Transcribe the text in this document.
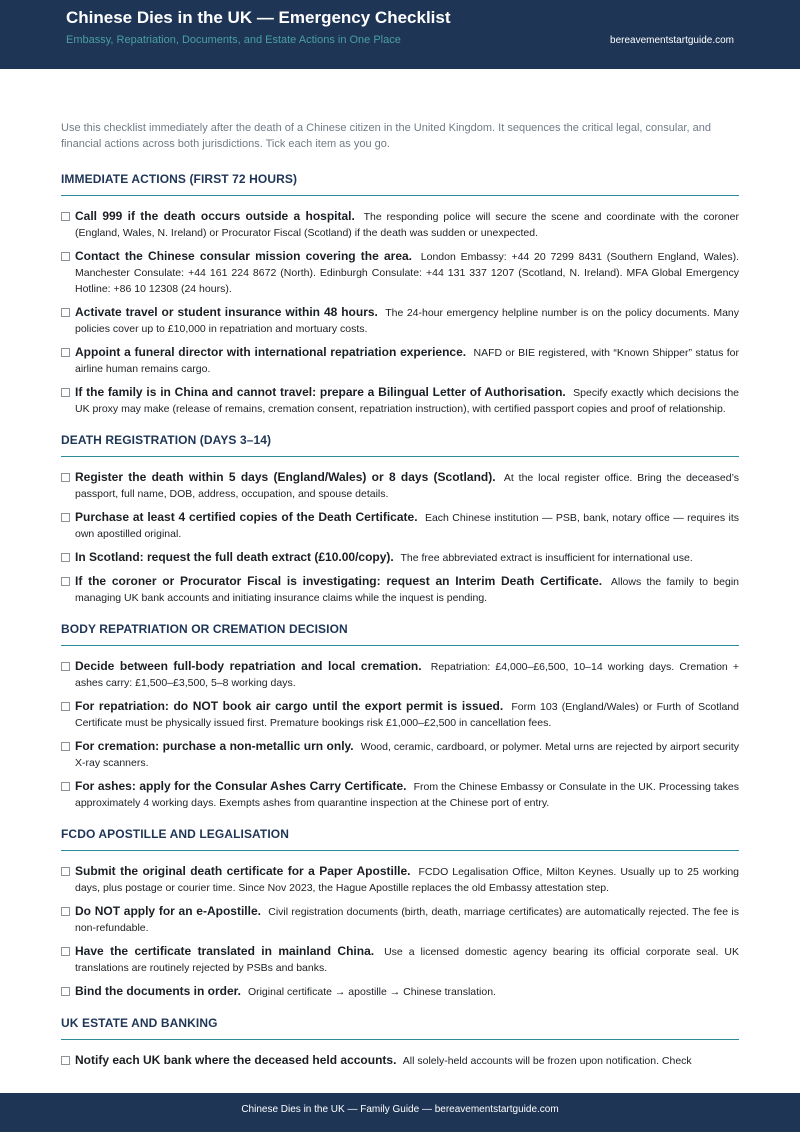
Chinese Dies in the UK — Emergency Checklist
Embassy, Repatriation, Documents, and Estate Actions in One Place	bereavementstartguide.com

Use this checklist immediately after the death of a Chinese citizen in the United Kingdom. It sequences the critical legal, consular, and financial actions across both jurisdictions. Tick each item as you go.

IMMEDIATE ACTIONS (FIRST 72 HOURS)
Call 999 if the death occurs outside a hospital. The responding police will secure the scene and coordinate with the coroner (England, Wales, N. Ireland) or Procurator Fiscal (Scotland) if the death was sudden or unexpected.
Contact the Chinese consular mission covering the area. London Embassy: +44 20 7299 8431 (Southern England, Wales). Manchester Consulate: +44 161 224 8672 (North). Edinburgh Consulate: +44 131 337 1207 (Scotland, N. Ireland). MFA Global Emergency Hotline: +86 10 12308 (24 hours).
Activate travel or student insurance within 48 hours. The 24-hour emergency helpline number is on the policy documents. Many policies cover up to £10,000 in repatriation and mortuary costs.
Appoint a funeral director with international repatriation experience. NAFD or BIE registered, with “Known Shipper” status for airline human remains cargo.
If the family is in China and cannot travel: prepare a Bilingual Letter of Authorisation. Specify exactly which decisions the UK proxy may make (release of remains, cremation consent, repatriation instruction), with certified passport copies and proof of relationship.
DEATH REGISTRATION (DAYS 3–14)
Register the death within 5 days (England/Wales) or 8 days (Scotland). At the local register office. Bring the deceased’s passport, full name, DOB, address, occupation, and spouse details.
Purchase at least 4 certified copies of the Death Certificate. Each Chinese institution — PSB, bank, notary office — requires its own apostilled original.
In Scotland: request the full death extract (£10.00/copy). The free abbreviated extract is insufficient for international use.
If the coroner or Procurator Fiscal is investigating: request an Interim Death Certificate. Allows the family to begin managing UK bank accounts and initiating insurance claims while the inquest is pending.
BODY REPATRIATION OR CREMATION DECISION
Decide between full-body repatriation and local cremation. Repatriation: £4,000–£6,500, 10–14 working days. Cremation + ashes carry: £1,500–£3,500, 5–8 working days.
For repatriation: do NOT book air cargo until the export permit is issued. Form 103 (England/Wales) or Furth of Scotland Certificate must be physically issued first. Premature bookings risk £1,000–£2,500 in cancellation fees.
For cremation: purchase a non-metallic urn only. Wood, ceramic, cardboard, or polymer. Metal urns are rejected by airport security X-ray scanners.
For ashes: apply for the Consular Ashes Carry Certificate. From the Chinese Embassy or Consulate in the UK. Processing takes approximately 4 working days. Exempts ashes from quarantine inspection at the Chinese port of entry.
FCDO APOSTILLE AND LEGALISATION
Submit the original death certificate for a Paper Apostille. FCDO Legalisation Office, Milton Keynes. Usually up to 25 working days, plus postage or courier time. Since Nov 2023, the Hague Apostille replaces the old Embassy attestation step.
Do NOT apply for an e-Apostille. Civil registration documents (birth, death, marriage certificates) are automatically rejected. The fee is non-refundable.
Have the certificate translated in mainland China. Use a licensed domestic agency bearing its official corporate seal. UK translations are routinely rejected by PSBs and banks.
Bind the documents in order. Original certificate → apostille → Chinese translation.
UK ESTATE AND BANKING
Notify each UK bank where the deceased held accounts. All solely-held accounts will be frozen upon notification. Check
Chinese Dies in the UK — Family Guide — bereavementstartguide.com
